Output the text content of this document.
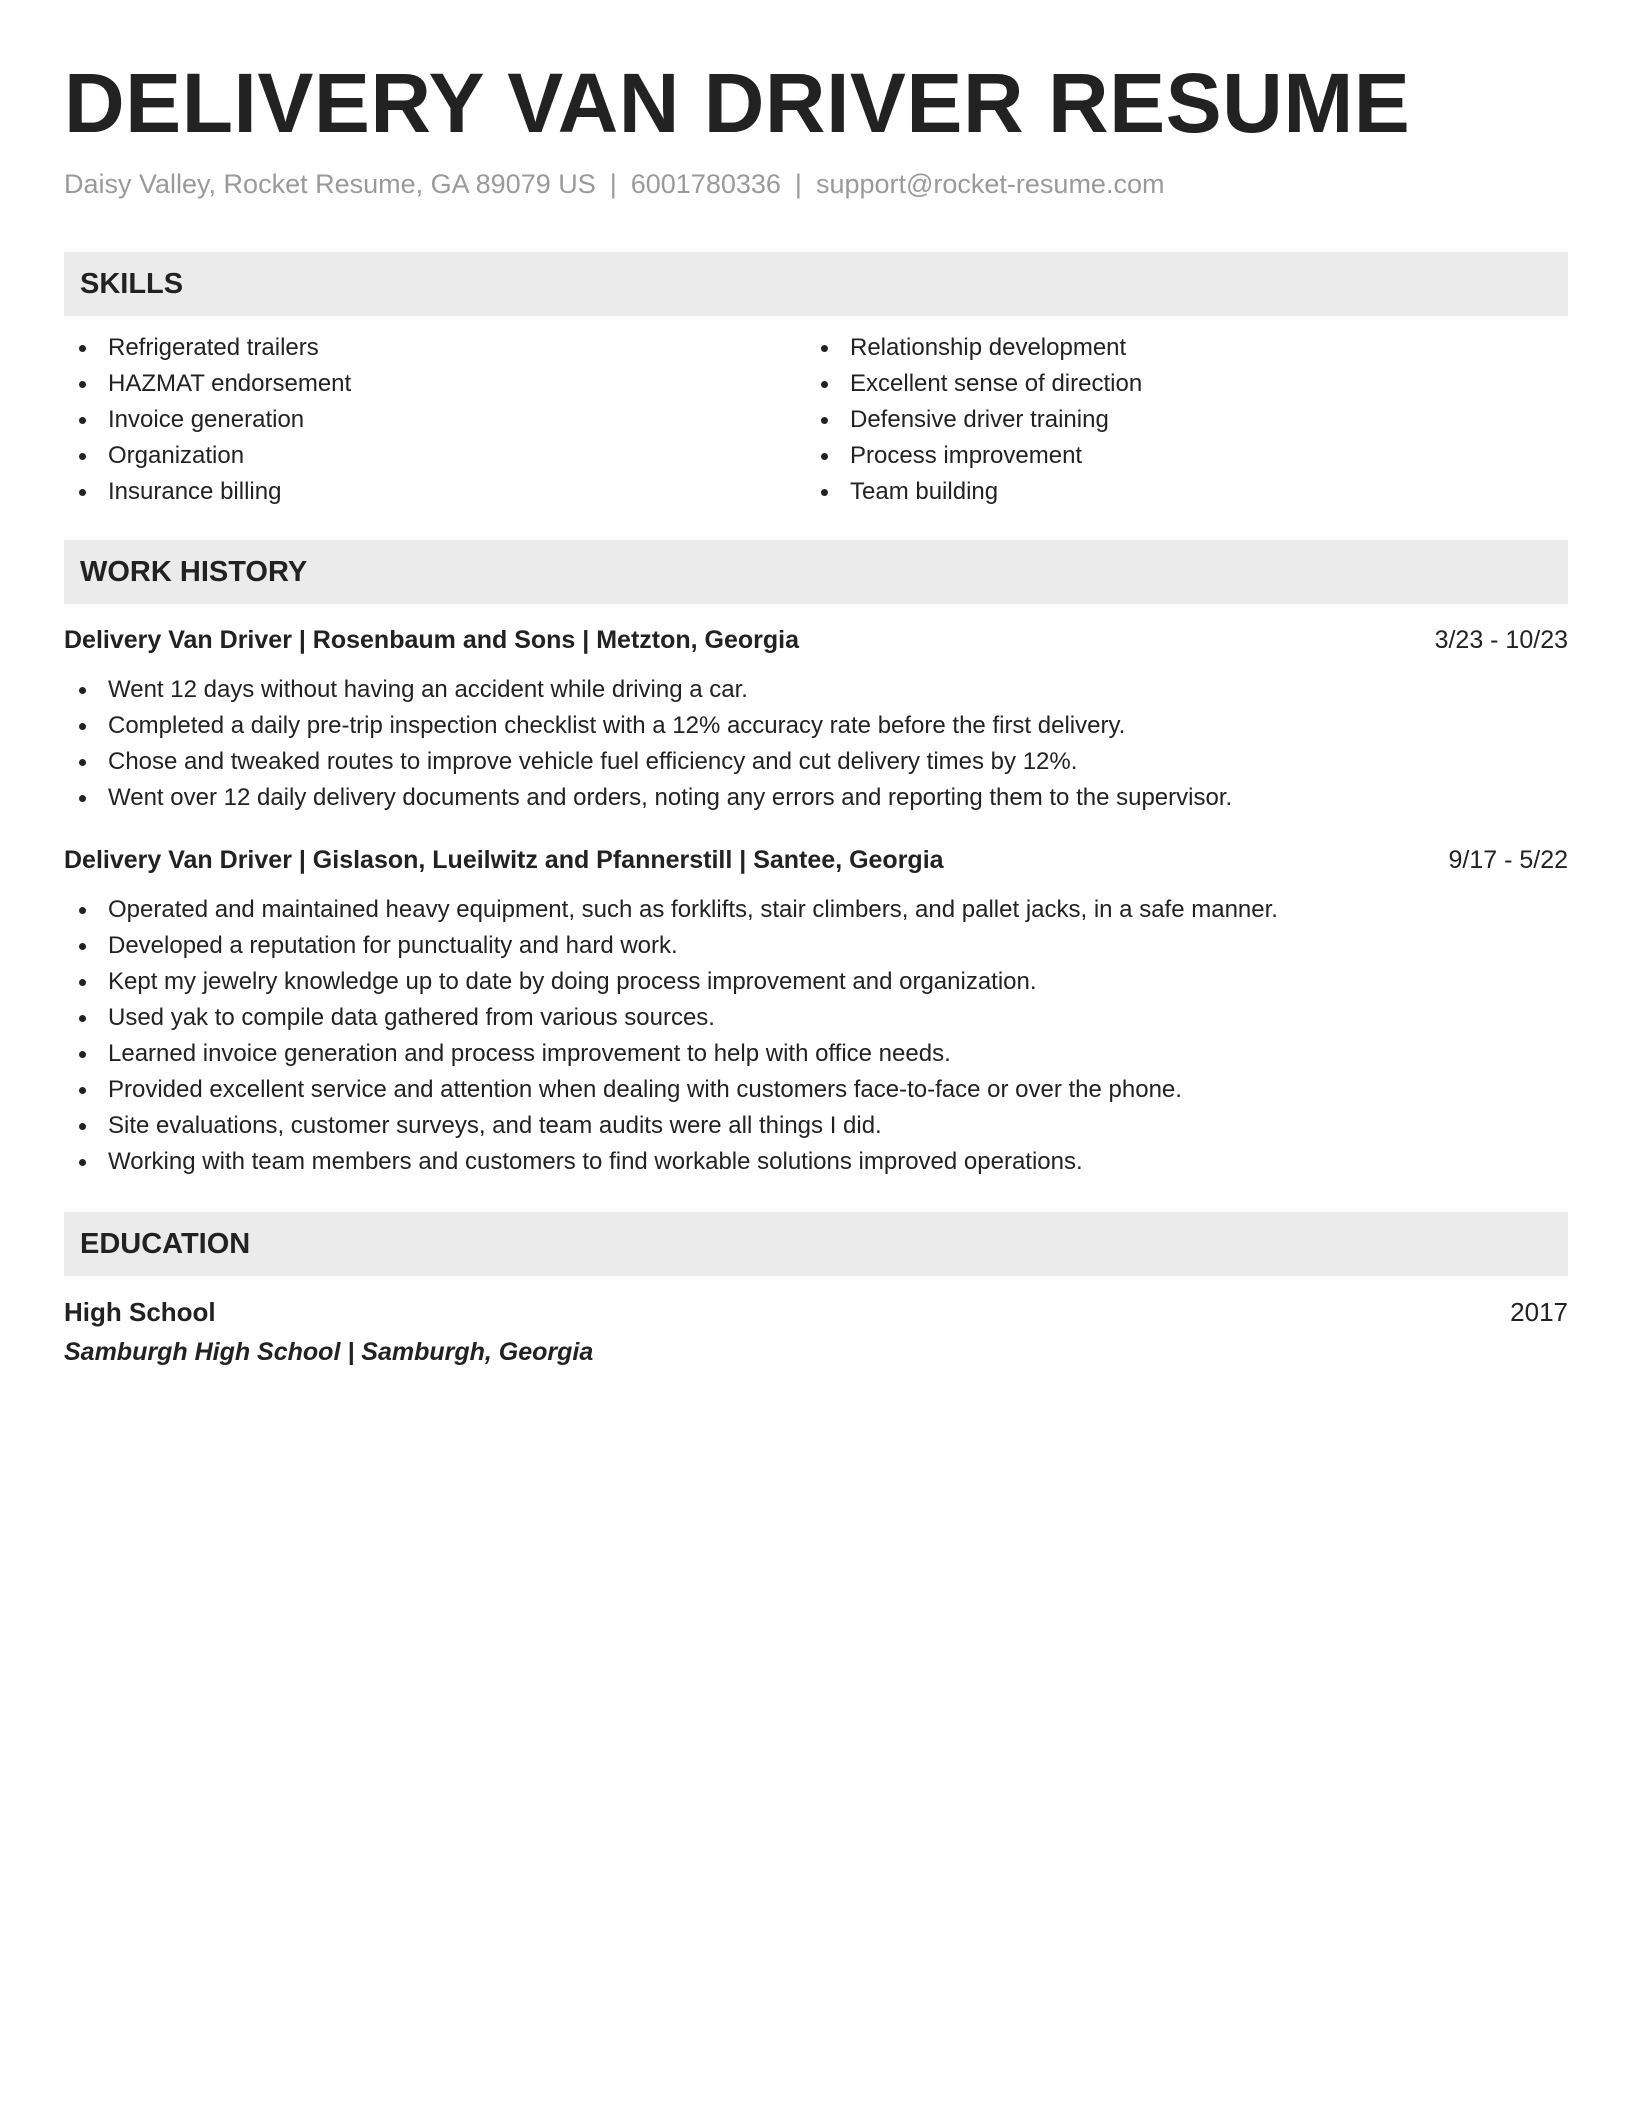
DELIVERY VAN DRIVER RESUME
Daisy Valley, Rocket Resume, GA 89079 US | 6001780336 | support@rocket-resume.com
SKILLS
Refrigerated trailers
HAZMAT endorsement
Invoice generation
Organization
Insurance billing
Relationship development
Excellent sense of direction
Defensive driver training
Process improvement
Team building
WORK HISTORY
Delivery Van Driver | Rosenbaum and Sons | Metzton, Georgia	3/23 - 10/23
Went 12 days without having an accident while driving a car.
Completed a daily pre-trip inspection checklist with a 12% accuracy rate before the first delivery.
Chose and tweaked routes to improve vehicle fuel efficiency and cut delivery times by 12%.
Went over 12 daily delivery documents and orders, noting any errors and reporting them to the supervisor.
Delivery Van Driver | Gislason, Lueilwitz and Pfannerstill | Santee, Georgia	9/17 - 5/22
Operated and maintained heavy equipment, such as forklifts, stair climbers, and pallet jacks, in a safe manner.
Developed a reputation for punctuality and hard work.
Kept my jewelry knowledge up to date by doing process improvement and organization.
Used yak to compile data gathered from various sources.
Learned invoice generation and process improvement to help with office needs.
Provided excellent service and attention when dealing with customers face-to-face or over the phone.
Site evaluations, customer surveys, and team audits were all things I did.
Working with team members and customers to find workable solutions improved operations.
EDUCATION
High School	2017
Samburgh High School | Samburgh, Georgia
